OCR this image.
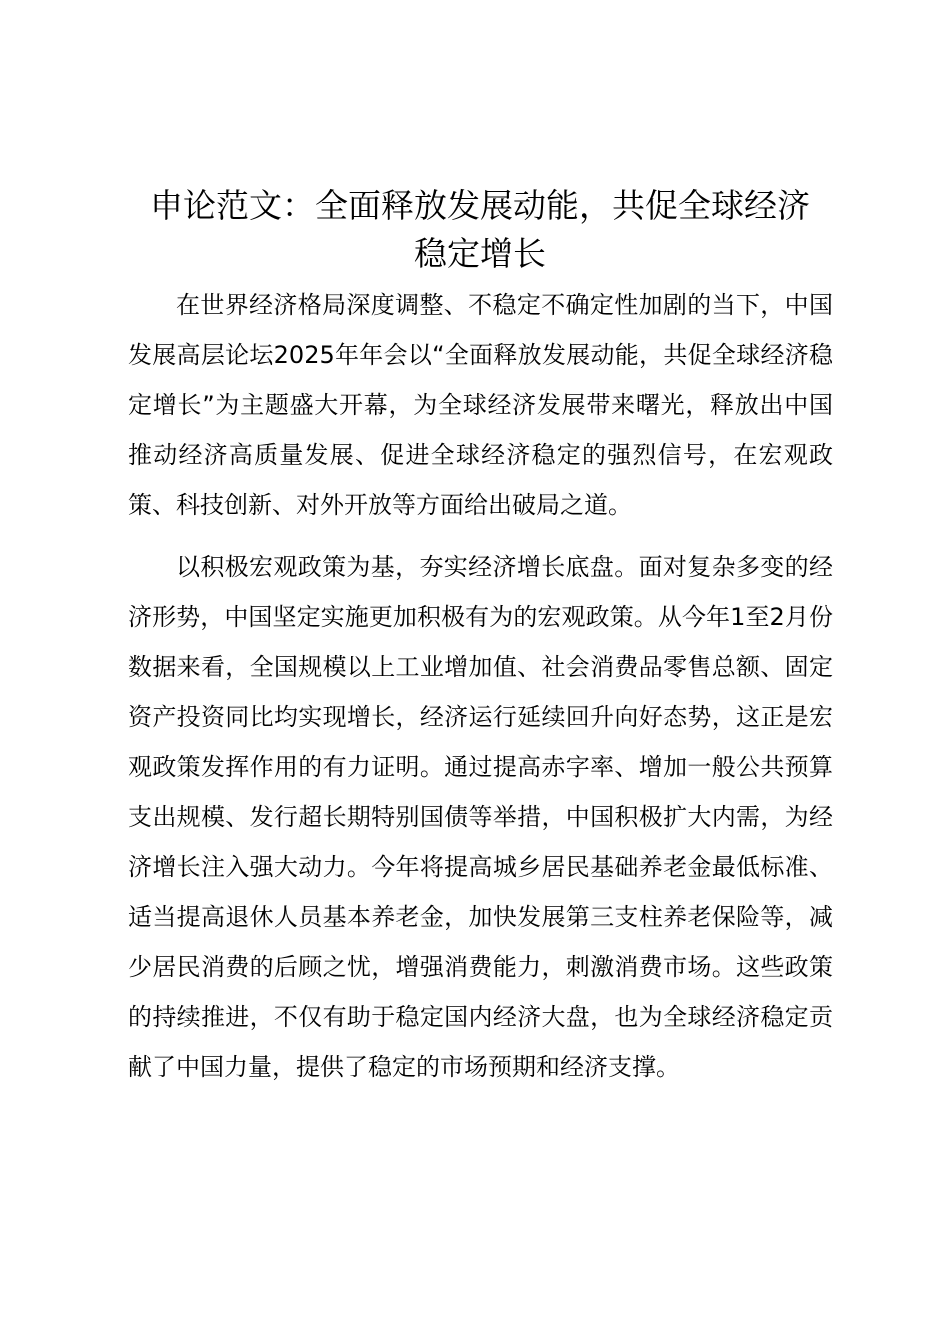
申论范文：全面释放发展动能，共促全球经济
稳定增长

在世界经济格局深度调整、不稳定不确定性加剧的当下，中国发展高层论坛2025年年会以“全面释放发展动能，共促全球经济稳定增长”为主题盛大开幕，为全球经济发展带来曙光，释放出中国推动经济高质量发展、促进全球经济稳定的强烈信号，在宏观政策、科技创新、对外开放等方面给出破局之道。

以积极宏观政策为基，夯实经济增长底盘。面对复杂多变的经济形势，中国坚定实施更加积极有为的宏观政策。从今年1至2月份数据来看，全国规模以上工业增加值、社会消费品零售总额、固定资产投资同比均实现增长，经济运行延续回升向好态势，这正是宏观政策发挥作用的有力证明。通过提高赤字率、增加一般公共预算支出规模、发行超长期特别国债等举措，中国积极扩大内需，为经济增长注入强大动力。今年将提高城乡居民基础养老金最低标准、适当提高退休人员基本养老金，加快发展第三支柱养老保险等，减少居民消费的后顾之忧，增强消费能力，刺激消费市场。这些政策的持续推进，不仅有助于稳定国内经济大盘，也为全球经济稳定贡献了中国力量，提供了稳定的市场预期和经济支撑。
